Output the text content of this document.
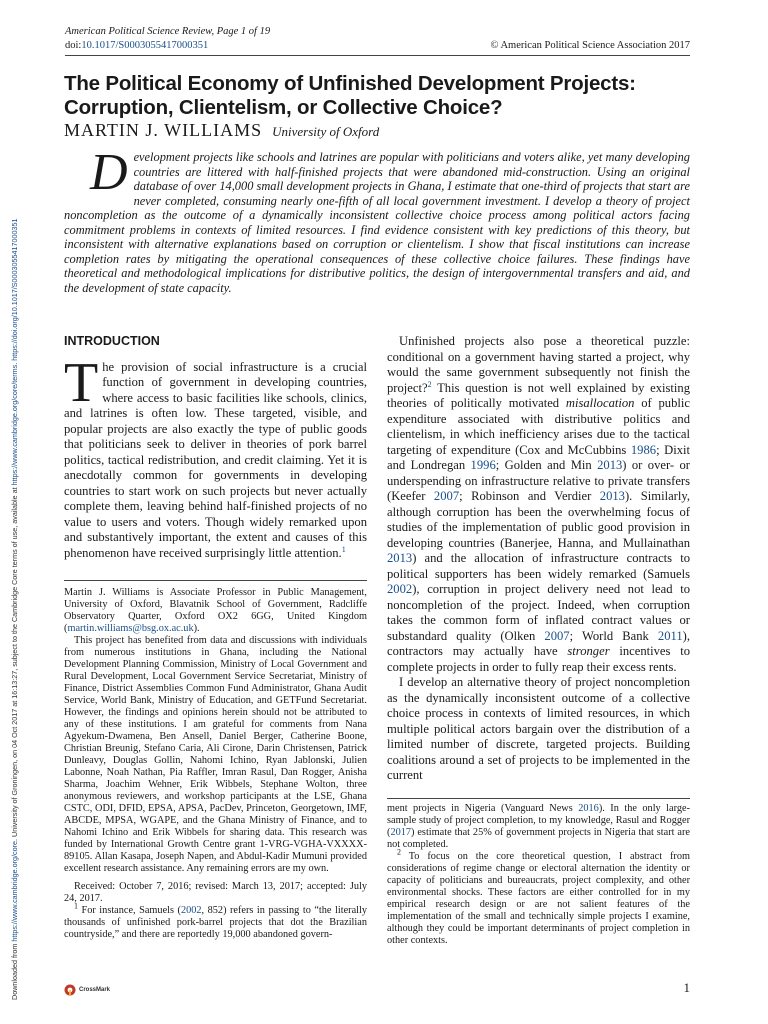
American Political Science Review, Page 1 of 19
doi:10.1017/S0003055417000351	© American Political Science Association 2017
Downloaded from https://www.cambridge.org/core. University of Groningen, on 04 Oct 2017 at 16:13:27, subject to the Cambridge Core terms of use, available at https://www.cambridge.org/core/terms. https://doi.org/10.1017/S0003055417000351
The Political Economy of Unfinished Development Projects: Corruption, Clientelism, or Collective Choice?
MARTIN J. WILLIAMS University of Oxford

Development projects like schools and latrines are popular with politicians and voters alike, yet many developing countries are littered with half-finished projects that were abandoned mid-construction. Using an original database of over 14,000 small development projects in Ghana, I estimate that one-third of projects that start are never completed, consuming nearly one-fifth of all local government investment. I develop a theory of project noncompletion as the outcome of a dynamically inconsistent collective choice process among political actors facing commitment problems in contexts of limited resources. I find evidence consistent with key predictions of this theory, but inconsistent with alternative explanations based on corruption or clientelism. I show that fiscal institutions can increase completion rates by mitigating the operational consequences of these collective choice failures. These findings have theoretical and methodological implications for distributive politics, the design of intergovernmental transfers and aid, and the development of state capacity.

INTRODUCTION

The provision of social infrastructure is a crucial function of government in developing countries, where access to basic facilities like schools, clinics, and latrines is often low. These targeted, visible, and popular projects are also exactly the type of public goods that politicians seek to deliver in theories of pork barrel politics, tactical redistribution, and credit claiming. Yet it is anecdotally common for governments in developing countries to start work on such projects but never actually complete them, leaving behind half-finished projects of no value to users and voters. Though widely remarked upon and substantively important, the extent and causes of this phenomenon have received surprisingly little attention.$^1$

Unfinished projects also pose a theoretical puzzle: conditional on a government having started a project, why would the same government subsequently not finish the project?$^2$ This question is not well explained by existing theories of politically motivated misallocation of public expenditure associated with distributive politics and clientelism, in which inefficiency arises due to the tactical targeting of expenditure (Cox and McCubbins 1986; Dixit and Londregan 1996; Golden and Min 2013) or over- or underspending on infrastructure relative to private transfers (Keefer 2007; Robinson and Verdier 2013). Similarly, although corruption has been the overwhelming focus of studies of the implementation of public good provision in developing countries (Banerjee, Hanna, and Mullainathan 2013) and the allocation of infrastructure contracts to political supporters has been widely remarked (Samuels 2002), corruption in project delivery need not lead to noncompletion of the project. Indeed, when corruption takes the common form of inflated contract values or substandard quality (Olken 2007; World Bank 2011), contractors may actually have stronger incentives to complete projects in order to fully reap their excess rents.

I develop an alternative theory of project noncompletion as the dynamically inconsistent outcome of a collective choice process in contexts of limited resources, in which multiple political actors bargain over the distribution of a limited number of discrete, targeted projects. Building coalitions around a set of projects to be implemented in the current

Martin J. Williams is Associate Professor in Public Management, University of Oxford, Blavatnik School of Government, Radcliffe Observatory Quarter, Oxford OX2 6GG, United Kingdom (martin.williams@bsg.ox.ac.uk).

This project has benefited from data and discussions with individuals from numerous institutions in Ghana, including the National Development Planning Commission, Ministry of Local Government and Rural Development, Local Government Service Secretariat, Ministry of Finance, District Assemblies Common Fund Administrator, Ghana Audit Service, World Bank, Ministry of Education, and GETFund Secretariat. However, the findings and opinions herein should not be attributed to any of these institutions. I am grateful for comments from Nana Agyekum-Dwamena, Ben Ansell, Daniel Berger, Catherine Boone, Christian Breunig, Stefano Caria, Ali Cirone, Darin Christensen, Patrick Dunleavy, Douglas Gollin, Nahomi Ichino, Ryan Jablonski, Julien Labonne, Noah Nathan, Pia Raffler, Imran Rasul, Dan Rogger, Anisha Sharma, Joachim Wehner, Erik Wibbels, Stephane Wolton, three anonymous reviewers, and workshop participants at the LSE, Ghana CSTC, ODI, DFID, EPSA, APSA, PacDev, Princeton, Georgetown, IMF, ABCDE, MPSA, WGAPE, and the Ghana Ministry of Finance, and to Nahomi Ichino and Erik Wibbels for sharing data. This research was funded by International Growth Centre grant 1-VRG-VGHA-VXXXX-89105. Allan Kasapa, Joseph Napen, and Abdul-Kadir Mumuni provided excellent research assistance. Any remaining errors are my own.

Received: October 7, 2016; revised: March 13, 2017; accepted: July 24, 2017.

$^1$ For instance, Samuels (2002, 852) refers in passing to “the literally thousands of unfinished pork-barrel projects that dot the Brazilian countryside,” and there are reportedly 19,000 abandoned govern-

ment projects in Nigeria (Vanguard News 2016). In the only large-sample study of project completion, to my knowledge, Rasul and Rogger (2017) estimate that 25% of government projects in Nigeria that start are not completed.

$^2$ To focus on the core theoretical question, I abstract from considerations of regime change or electoral alternation the identity or capacity of politicians and bureaucrats, project complexity, and other environmental shocks. These factors are either controlled for in my empirical research design or are not salient features of the implementation of the small and technically simple projects I examine, although they could be important determinants of project completion in other contexts.

CrossMark	1
